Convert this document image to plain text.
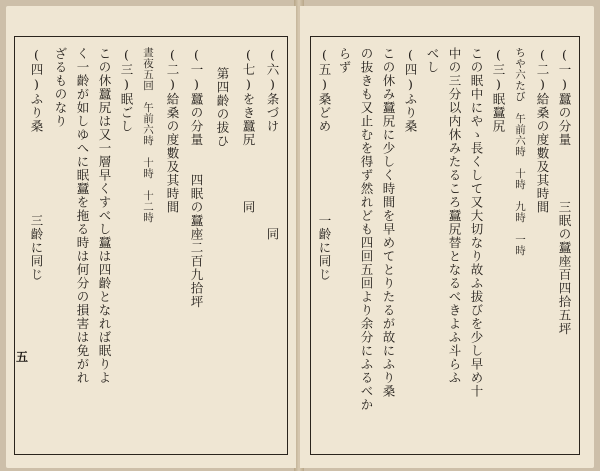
(一)蠶の分量　　　　三眠の蠶座百四拾五坪
(二)給桑の度數及其時間
ちや六たび　午前六時　十時　九時　一時
(三)眠蠶尻
この眠中にやゝ長くして又大切なり故ふ拔びを少し早め十
中の三分以内休みたるころ蠶尻替となるべきよふ斗らふ
べし
(四)ふり桑
この休み蠶尻に少しく時間を早めてとりたるが故にふり桑
の抜きも又止むを得ず然れども四回五回より余分にふるべか
らず
(五)桑どめ　　　　　　一齡に同じ
(六)条づけ　　　　　　　同
(七)をき蠶尻　　　　同
第四齡の拔ひ
(一)蠶の分量　　四眠の蠶座二百九拾坪
(二)給桑の度數及其時間
晝夜五回　午前六時　十時　十二時
(三)眠ごし
この休蠶尻は又一層早くすべし蠶は四齡となれば眠りよ
く一齡が如しゆへに眠蠶を拖る時は何分の損害は免がれ
ざるものなり
(四)ふり桑　　　　　　三齡に同じ
五
